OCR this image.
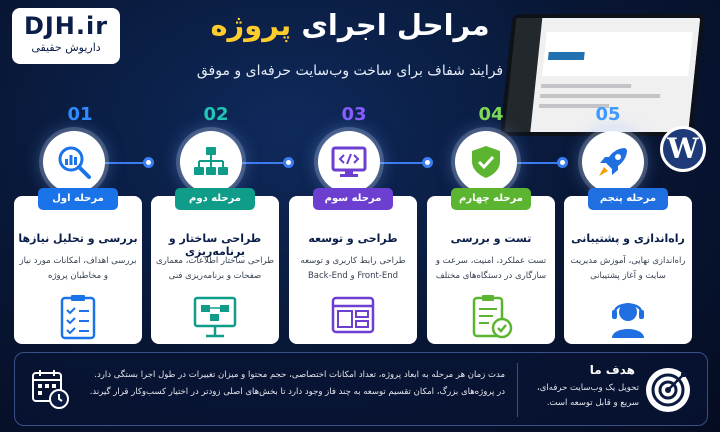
DJH.ir
داریوش حقیقی
مراحل اجرای پروژه
فرایند شفاف برای ساخت وب‌سایت حرفه‌ای و موفق
W
01	02	03	04	05
مرحله اول
بررسی و تحلیل نیازها
بررسی اهداف، امکانات مورد نیاز و مخاطبان پروژه
مرحله دوم
طراحی ساختار و برنامه‌ریزی
طراحی ساختار اطلاعات، معماری صفحات و برنامه‌ریزی فنی
مرحله سوم
طراحی و توسعه
طراحی رابط کاربری و توسعه Front-End و Back-End
مرحله چهارم
تست و بررسی
تست عملکرد، امنیت، سرعت و سازگاری در دستگاه‌های مختلف
مرحله پنجم
راه‌اندازی و پشتیبانی
راه‌اندازی نهایی، آموزش مدیریت سایت و آغاز پشتیبانی
مدت زمان هر مرحله به ابعاد پروژه، تعداد امکانات اختصاصی، حجم محتوا و میزان تغییرات در طول اجرا بستگی دارد.
در پروژه‌های بزرگ، امکان تقسیم توسعه به چند فاز وجود دارد تا بخش‌های اصلی زودتر در اختیار کسب‌وکار قرار گیرند.
هدف ما
تحویل یک وب‌سایت حرفه‌ای، سریع و قابل توسعه است.
